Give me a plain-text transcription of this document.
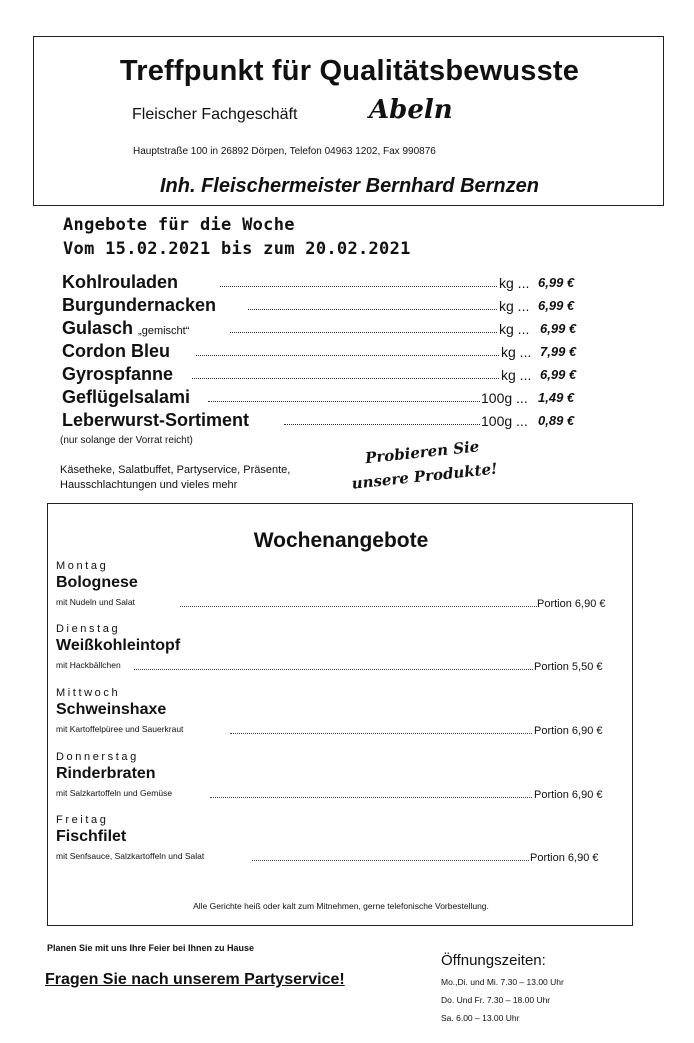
Treffpunkt für Qualitätsbewusste
Fleischer Fachgeschäft	Abeln
Hauptstraße 100 in 26892 Dörpen, Telefon 04963 1202, Fax 990876
Inh. Fleischermeister Bernhard Bernzen
Angebote für die Woche
Vom 15.02.2021 bis zum 20.02.2021
Kohlrouladen	kg ... 6,99 €
Burgundernacken	kg ... 6,99 €
Gulasch „gemischt“	kg ... 6,99 €
Cordon Bleu	kg ... 7,99 €
Gyrospfanne	kg ... 6,99 €
Geflügelsalami	100g ... 1,49 €
Leberwurst-Sortiment	100g ... 0,89 €
(nur solange der Vorrat reicht)
Käsetheke, Salatbuffet, Partyservice, Präsente,
Hausschlachtungen und vieles mehr
Probieren Sie
unsere Produkte!
Wochenangebote
Montag
Bolognese
mit Nudeln und Salat	Portion 6,90 €
Dienstag
Weißkohleintopf
mit Hackbällchen	Portion 5,50 €
Mittwoch
Schweinshaxe
mit Kartoffelpüree und Sauerkraut	Portion 6,90 €
Donnerstag
Rinderbraten
mit Salzkartoffeln und Gemüse	Portion 6,90 €
Freitag
Fischfilet
mit Senfsauce, Salzkartoffeln und Salat	Portion 6,90 €
Alle Gerichte heiß oder kalt zum Mitnehmen, gerne telefonische Vorbestellung.
Planen Sie mit uns Ihre Feier bei Ihnen zu Hause
Fragen Sie nach unserem Partyservice!
Öffnungszeiten:
Mo.,Di. und Mi. 7.30 – 13.00 Uhr
Do. Und Fr. 7.30 – 18.00 Uhr
Sa. 6.00 – 13.00 Uhr
